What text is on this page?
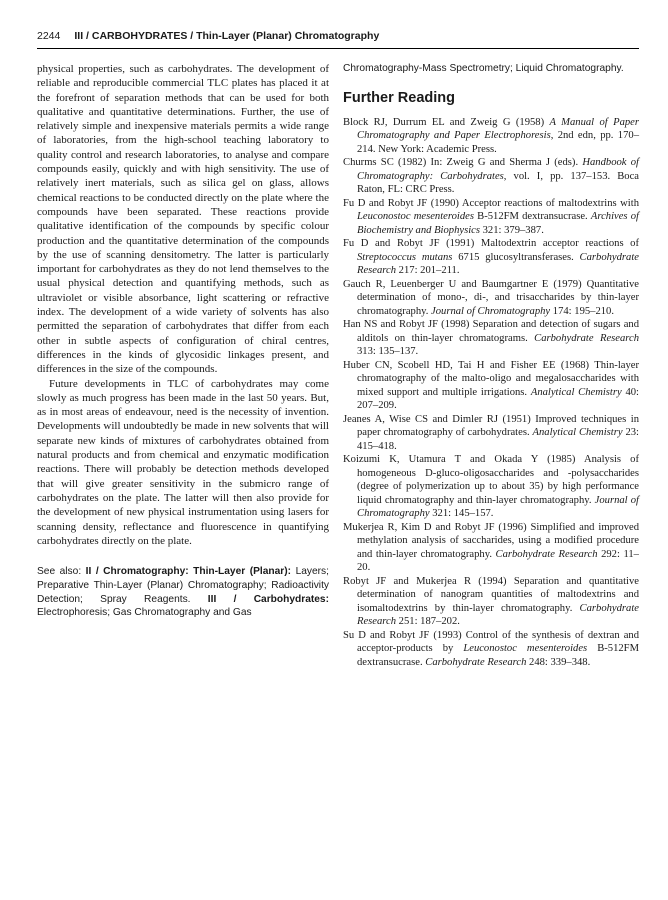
2244 III / CARBOHYDRATES / Thin-Layer (Planar) Chromatography

physical properties, such as carbohydrates. The development of reliable and reproducible commercial TLC plates has placed it at the forefront of separation methods that can be used for both qualitative and quantitative determinations. Further, the use of relatively simple and inexpensive materials permits a wide range of laboratories, from the high-school teaching laboratory to quality control and research laboratories, to analyse and compare compounds easily, quickly and with high sensitivity. The use of relatively inert materials, such as silica gel on glass, allows chemical reactions to be conducted directly on the plate where the compounds have been separated. These reactions provide qualitative identification of the compounds by specific colour production and the quantitative determination of the compounds by the use of scanning densitometry. The latter is particularly important for carbohydrates as they do not lend themselves to the usual physical detection and quantifying methods, such as ultraviolet or visible absorbance, light scattering or refractive index. The development of a wide variety of solvents has also permitted the separation of carbohydrates that differ from each other in subtle aspects of configuration of chiral centres, differences in the kinds of glycosidic linkages present, and differences in the size of the compounds.

Future developments in TLC of carbohydrates may come slowly as much progress has been made in the last 50 years. But, as in most areas of endeavour, need is the necessity of invention. Developments will undoubtedly be made in new solvents that will separate new kinds of mixtures of carbohydrates obtained from natural products and from chemical and enzymatic modification reactions. There will probably be detection methods developed that will give greater sensitivity in the submicro range of carbohydrates on the plate. The latter will then also provide for the development of new physical instrumentation using lasers for scanning density, reflectance and fluorescence in quantifying carbohydrates directly on the plate.

See also: II / Chromatography: Thin-Layer (Planar): Layers; Preparative Thin-Layer (Planar) Chromatography; Radioactivity Detection; Spray Reagents. III / Carbohydrates: Electrophoresis; Gas Chromatography and Gas

Chromatography-Mass Spectrometry; Liquid Chromatography.

Further Reading

Block RJ, Durrum EL and Zweig G (1958) A Manual of Paper Chromatography and Paper Electrophoresis, 2nd edn, pp. 170–214. New York: Academic Press.

Churms SC (1982) In: Zweig G and Sherma J (eds). Handbook of Chromatography: Carbohydrates, vol. I, pp. 137–153. Boca Raton, FL: CRC Press.

Fu D and Robyt JF (1990) Acceptor reactions of maltodextrins with Leuconostoc mesenteroides B-512FM dextransucrase. Archives of Biochemistry and Biophysics 321: 379–387.

Fu D and Robyt JF (1991) Maltodextrin acceptor reactions of Streptococcus mutans 6715 glucosyltransferases. Carbohydrate Research 217: 201–211.

Gauch R, Leuenberger U and Baumgartner E (1979) Quantitative determination of mono-, di-, and trisaccharides by thin-layer chromatography. Journal of Chromatography 174: 195–210.

Han NS and Robyt JF (1998) Separation and detection of sugars and alditols on thin-layer chromatograms. Carbohydrate Research 313: 135–137.

Huber CN, Scobell HD, Tai H and Fisher EE (1968) Thin-layer chromatography of the malto-oligo and megalosaccharides with mixed support and multiple irrigations. Analytical Chemistry 40: 207–209.

Jeanes A, Wise CS and Dimler RJ (1951) Improved techniques in paper chromatography of carbohydrates. Analytical Chemistry 23: 415–418.

Koizumi K, Utamura T and Okada Y (1985) Analysis of homogeneous D-gluco-oligosaccharides and -polysaccharides (degree of polymerization up to about 35) by high performance liquid chromatography and thin-layer chromatography. Journal of Chromatography 321: 145–157.

Mukerjea R, Kim D and Robyt JF (1996) Simplified and improved methylation analysis of saccharides, using a modified procedure and thin-layer chromatography. Carbohydrate Research 292: 11–20.

Robyt JF and Mukerjea R (1994) Separation and quantitative determination of nanogram quantities of maltodextrins and isomaltodextrins by thin-layer chromatography. Carbohydrate Research 251: 187–202.

Su D and Robyt JF (1993) Control of the synthesis of dextran and acceptor-products by Leuconostoc mesenteroides B-512FM dextransucrase. Carbohydrate Research 248: 339–348.
